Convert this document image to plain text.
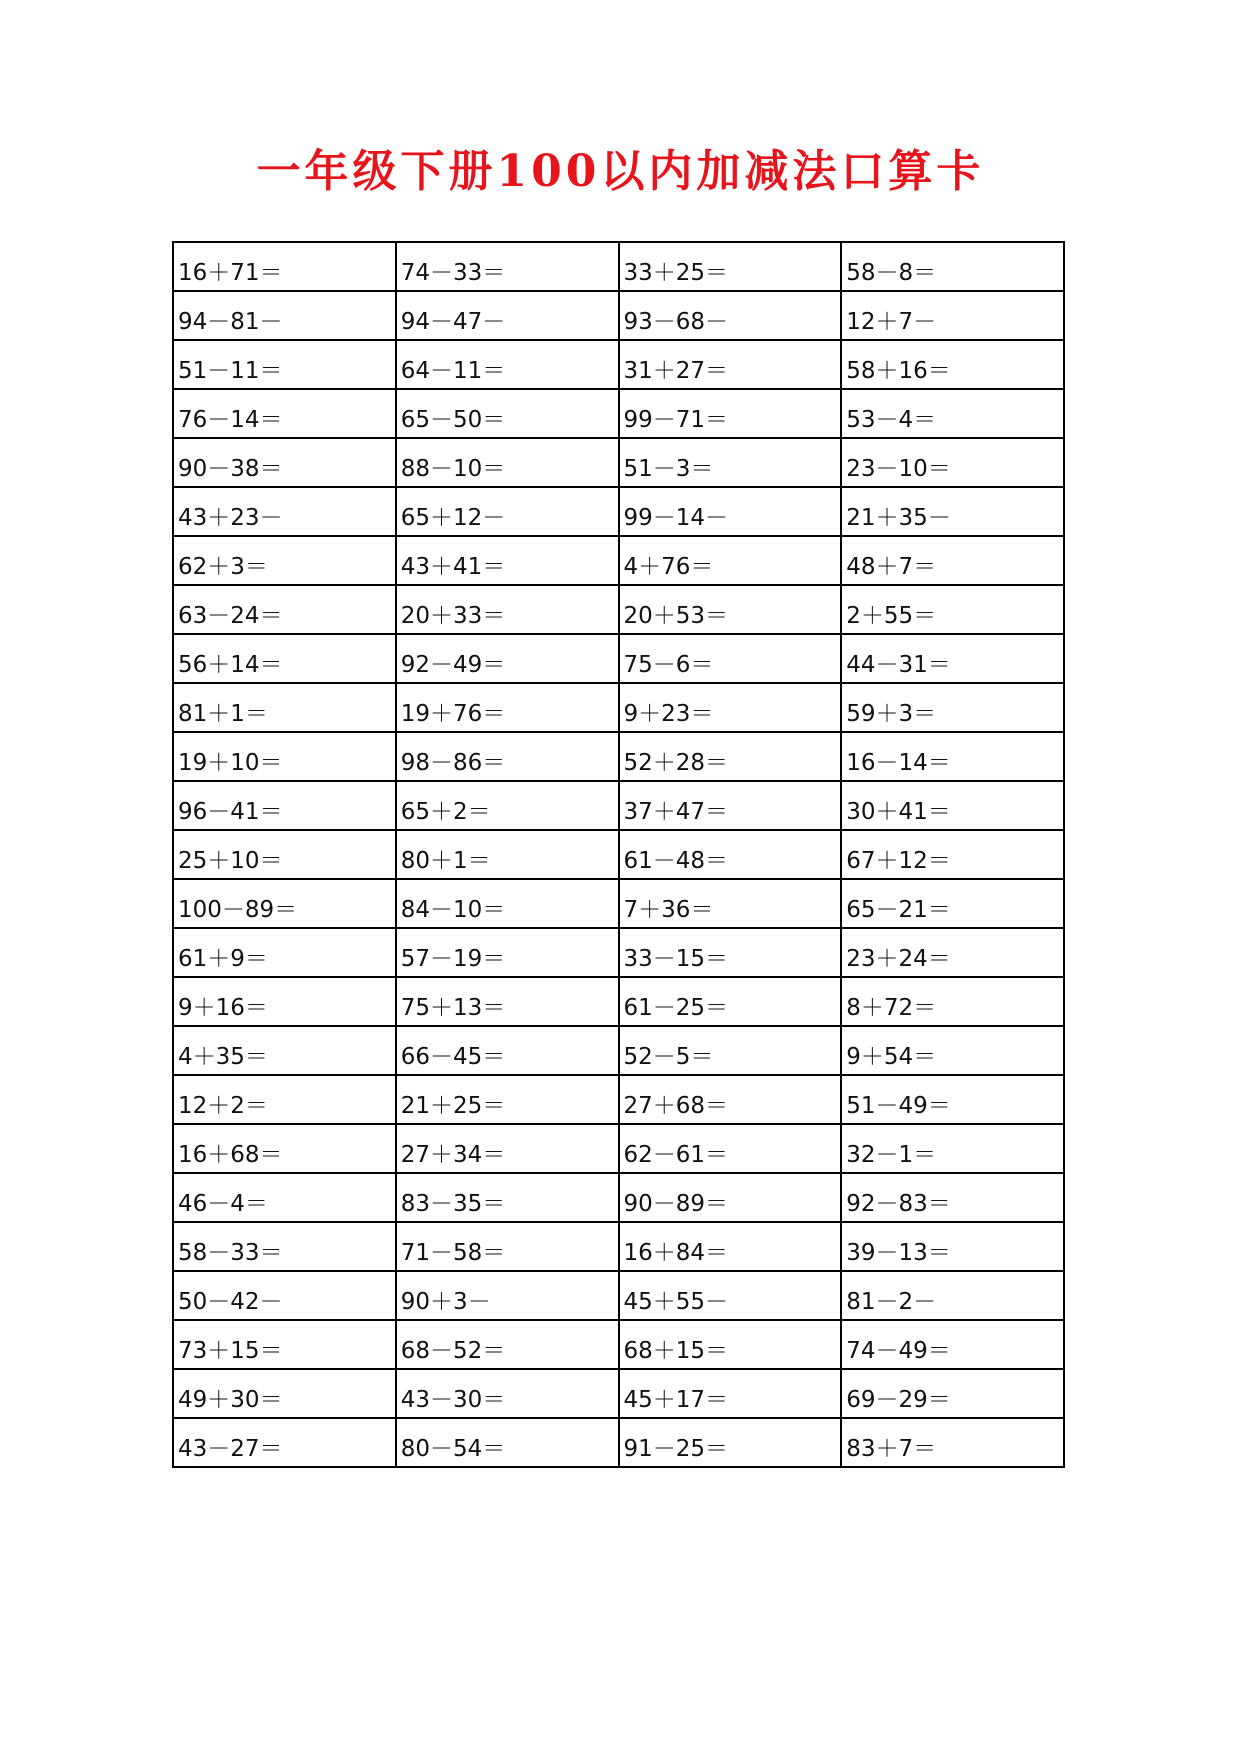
一年级下册100以内加减法口算卡
16＋71＝	74－33＝	33＋25＝	58－8＝
94－81－	94－47－	93－68－	12＋7－
51－11＝	64－11＝	31＋27＝	58＋16＝
76－14＝	65－50＝	99－71＝	53－4＝
90－38＝	88－10＝	51－3＝	23－10＝
43＋23－	65＋12－	99－14－	21＋35－
62＋3＝	43＋41＝	4＋76＝	48＋7＝
63－24＝	20＋33＝	20＋53＝	2＋55＝
56＋14＝	92－49＝	75－6＝	44－31＝
81＋1＝	19＋76＝	9＋23＝	59＋3＝
19＋10＝	98－86＝	52＋28＝	16－14＝
96－41＝	65＋2＝	37＋47＝	30＋41＝
25＋10＝	80＋1＝	61－48＝	67＋12＝
100－89＝	84－10＝	7＋36＝	65－21＝
61＋9＝	57－19＝	33－15＝	23＋24＝
9＋16＝	75＋13＝	61－25＝	8＋72＝
4＋35＝	66－45＝	52－5＝	9＋54＝
12＋2＝	21＋25＝	27＋68＝	51－49＝
16＋68＝	27＋34＝	62－61＝	32－1＝
46－4＝	83－35＝	90－89＝	92－83＝
58－33＝	71－58＝	16＋84＝	39－13＝
50－42－	90＋3－	45＋55－	81－2－
73＋15＝	68－52＝	68＋15＝	74－49＝
49＋30＝	43－30＝	45＋17＝	69－29＝
43－27＝	80－54＝	91－25＝	83＋7＝
